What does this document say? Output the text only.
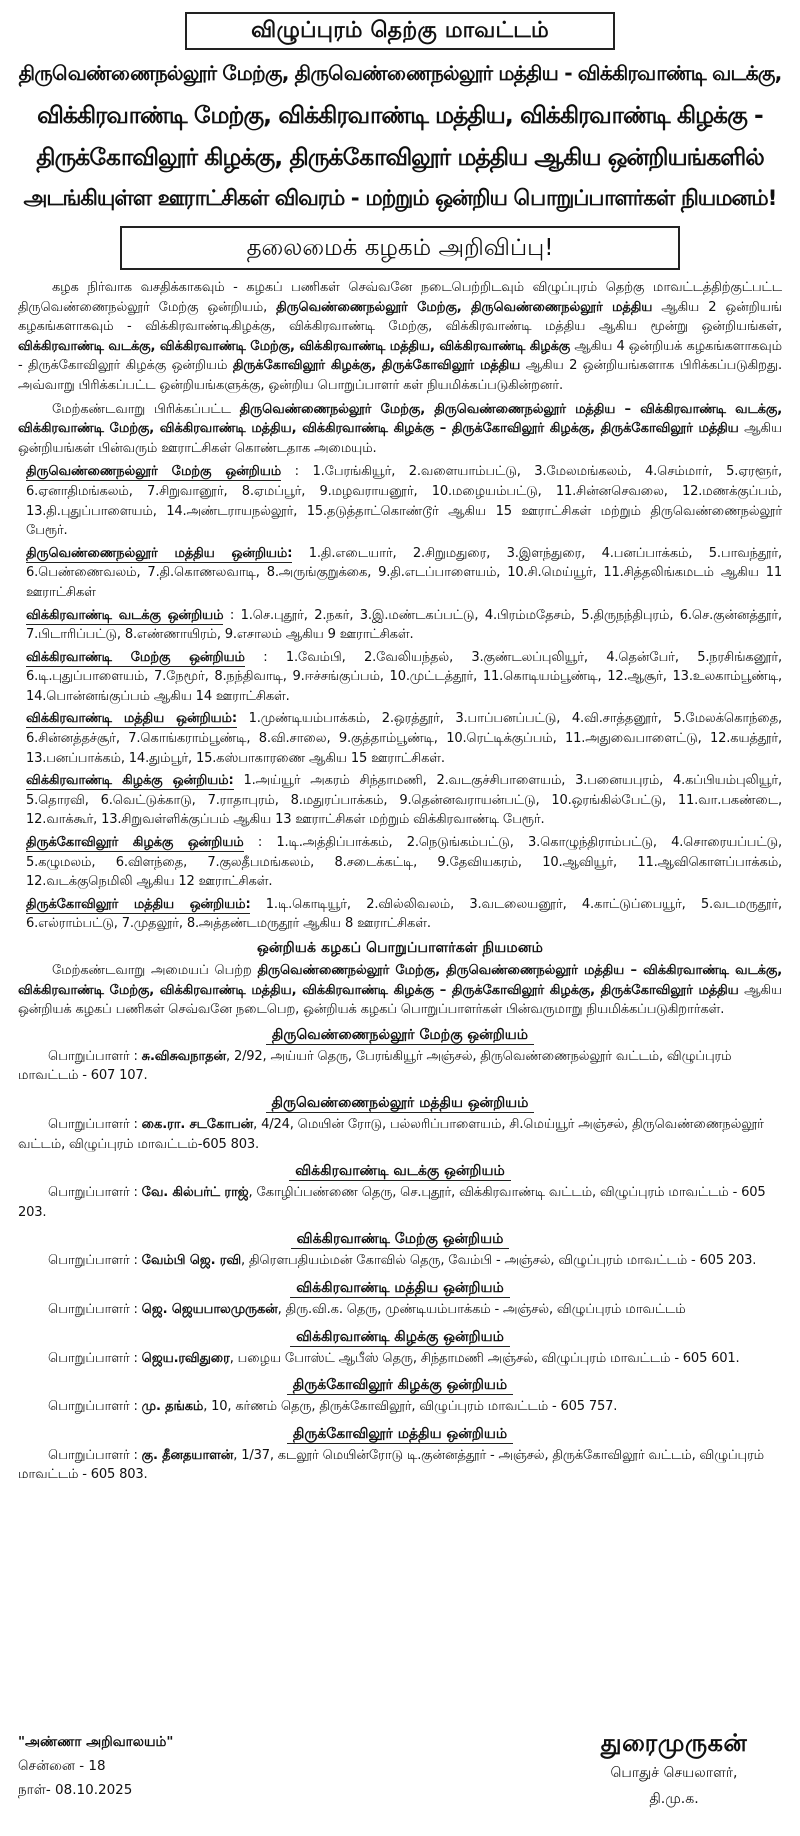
விழுப்புரம் தெற்கு மாவட்டம்
திருவெண்ணைநல்லூர் மேற்கு, திருவெண்ணைநல்லூர் மத்திய - விக்கிரவாண்டி வடக்கு,
விக்கிரவாண்டி மேற்கு, விக்கிரவாண்டி மத்திய, விக்கிரவாண்டி கிழக்கு -
திருக்கோவிலூர் கிழக்கு, திருக்கோவிலூர் மத்திய ஆகிய ஒன்றியங்களில்
அடங்கியுள்ள ஊராட்சிகள் விவரம் - மற்றும் ஒன்றிய பொறுப்பாளர்கள் நியமனம்!
தலைமைக் கழகம் அறிவிப்பு!

கழக நிர்வாக வசதிக்காகவும் - கழகப் பணிகள் செவ்வனே நடைபெற்றிடவும் விழுப்புரம் தெற்கு மாவட்டத்திற்குட்பட்ட திருவெண்ணைநல்லூர் மேற்கு ஒன்றியம், திருவெண்ணைநல்லூர் மேற்கு, திருவெண்ணைநல்லூர் மத்திய ஆகிய 2 ஒன்றியங் கழகங்களாகவும் - விக்கிரவாண்டிகிழக்கு, விக்கிரவாண்டி மேற்கு, விக்கிரவாண்டி மத்திய ஆகிய மூன்று ஒன்றியங்கள், விக்கிரவாண்டி வடக்கு, விக்கிரவாண்டி மேற்கு, விக்கிரவாண்டி மத்திய, விக்கிரவாண்டி கிழக்கு ஆகிய 4 ஒன்றியக் கழகங்களாகவும் - திருக்கோவிலூர் கிழக்கு ஒன்றியம் திருக்கோவிலூர் கிழக்கு, திருக்கோவிலூர் மத்திய ஆகிய 2 ஒன்றியங்களாக பிரிக்கப்படுகிறது. அவ்வாறு பிரிக்கப்பட்ட ஒன்றியங்களுக்கு, ஒன்றிய பொறுப்பாளர் கள் நியமிக்கப்படுகின்றனர்.

மேற்கண்டவாறு பிரிக்கப்பட்ட திருவெண்ணைநல்லூர் மேற்கு, திருவெண்ணைநல்லூர் மத்திய – விக்கிரவாண்டி வடக்கு, விக்கிரவாண்டி மேற்கு, விக்கிரவாண்டி மத்திய, விக்கிரவாண்டி கிழக்கு – திருக்கோவிலூர் கிழக்கு, திருக்கோவிலூர் மத்திய ஆகிய ஒன்றியங்கள் பின்வரும் ஊராட்சிகள் கொண்டதாக அமையும்.

திருவெண்ணைநல்லூர் மேற்கு ஒன்றியம் : 1.பேரங்கியூர், 2.வளையாம்பட்டு, 3.மேலமங்கலம், 4.செம்மார், 5.ஏரளூர், 6.ஏனாதிமங்கலம், 7.சிறுவானூர், 8.ஏமப்பூர், 9.மழவராயனூர், 10.மழையம்பட்டு, 11.சின்னசெவலை, 12.மணக்குப்பம், 13.தி.புதுப்பாளையம், 14.அண்டராயநல்லூர், 15.தடுத்தாட்கொண்டூர் ஆகிய 15 ஊராட்சிகள் மற்றும் திருவெண்ணைநல்லூர் பேரூர்.

திருவெண்ணைநல்லூர் மத்திய ஒன்றியம்: 1.தி.எடையார், 2.சிறுமதுரை, 3.இளந்துரை, 4.பனப்பாக்கம், 5.பாவந்தூர், 6.பெண்ணைவலம், 7.தி.கொணலவாடி, 8.அருங்குறுக்கை, 9.தி.எடப்பாளையம், 10.சி.மெய்யூர், 11.சித்தலிங்கமடம் ஆகிய 11 ஊராட்சிகள்

விக்கிரவாண்டி வடக்கு ஒன்றியம் : 1.செ.புதூர், 2.நகர், 3.இ.மண்டகப்பட்டு, 4.பிரம்மதேசம், 5.திருநந்திபுரம், 6.செ.குன்னத்தூர், 7.பிடாரிப்பட்டு, 8.எண்ணாயிரம், 9.எசாலம் ஆகிய 9 ஊராட்சிகள்.

விக்கிரவாண்டி மேற்கு ஒன்றியம் : 1.வேம்பி, 2.வேலியந்தல், 3.குண்டலப்புலியூர், 4.தென்பேர், 5.நரசிங்கனூர், 6.டி.புதுப்பாளையம், 7.நேமூர், 8.நந்திவாடி, 9.ஈச்சங்குப்பம், 10.முட்டத்தூர், 11.கொடியம்பூண்டி, 12.ஆசூர், 13.உலகாம்பூண்டி, 14.பொன்னங்குப்பம் ஆகிய 14 ஊராட்சிகள்.

விக்கிரவாண்டி மத்திய ஒன்றியம்: 1.முண்டியம்பாக்கம், 2.ஒரத்தூர், 3.பாப்பனப்பட்டு, 4.வி.சாத்தனூர், 5.மேலக்கொந்தை, 6.சின்னத்தச்சூர், 7.கொங்கராம்பூண்டி, 8.வி.சாலை, 9.குத்தாம்பூண்டி, 10.ரெட்டிக்குப்பம், 11.அதுவைபாளைட்டு, 12.கயத்தூர், 13.பனப்பாக்கம், 14.தும்பூர், 15.கஸ்பாகாரணை ஆகிய 15 ஊராட்சிகள்.

விக்கிரவாண்டி கிழக்கு ஒன்றியம்: 1.அய்யூர் அகரம் சிந்தாமணி, 2.வடகுச்சிபாளையம், 3.பனையபுரம், 4.கப்பியம்புலியூர், 5.தொரவி, 6.வெட்டுக்காடு, 7.ராதாபுரம், 8.மதுரப்பாக்கம், 9.தென்னவராயன்பட்டு, 10.ஒரங்கில்பேட்டு, 11.வா.பகண்டை, 12.வாக்கூர், 13.சிறுவள்ளிக்குப்பம் ஆகிய 13 ஊராட்சிகள் மற்றும் விக்கிரவாண்டி பேரூர்.

திருக்கோவிலூர் கிழக்கு ஒன்றியம் : 1.டி.அத்திப்பாக்கம், 2.நெடுங்கம்பட்டு, 3.கொழுந்திராம்பட்டு, 4.சொரையப்பட்டு, 5.கழுமலம், 6.விளந்தை, 7.குலதீபமங்கலம், 8.சடைக்கட்டி, 9.தேவியகரம், 10.ஆவியூர், 11.ஆவிகொளப்பாக்கம், 12.வடக்குநெமிலி ஆகிய 12 ஊராட்சிகள்.

திருக்கோவிலூர் மத்திய ஒன்றியம்: 1.டி.கொடியூர், 2.வில்லிவலம், 3.வடலையனூர், 4.காட்டுப்பையூர், 5.வடமருதூர், 6.எல்ராம்பட்டு, 7.முதலூர், 8.அத்தண்டமருதூர் ஆகிய 8 ஊராட்சிகள்.

ஒன்றியக் கழகப் பொறுப்பாளர்கள் நியமனம்

மேற்கண்டவாறு அமையப் பெற்ற திருவெண்ணைநல்லூர் மேற்கு, திருவெண்ணைநல்லூர் மத்திய – விக்கிரவாண்டி வடக்கு, விக்கிரவாண்டி மேற்கு, விக்கிரவாண்டி மத்திய, விக்கிரவாண்டி கிழக்கு – திருக்கோவிலூர் கிழக்கு, திருக்கோவிலூர் மத்திய ஆகிய ஒன்றியக் கழகப் பணிகள் செவ்வனே நடைபெற, ஒன்றியக் கழகப் பொறுப்பாளர்கள் பின்வருமாறு நியமிக்கப்படுகிறார்கள்.

திருவெண்ணைநல்லூர் மேற்கு ஒன்றியம்

பொறுப்பாளர் : சு.விசுவநாதன், 2/92, அய்யர் தெரு, பேரங்கியூர் அஞ்சல், திருவெண்ணைநல்லூர் வட்டம், விழுப்புரம் மாவட்டம் - 607 107.

திருவெண்ணைநல்லூர் மத்திய ஒன்றியம்

பொறுப்பாளர் : கை.ரா. சடகோபன், 4/24, மெயின் ரோடு, பல்லரிப்பாளையம், சி.மெய்யூர் அஞ்சல், திருவெண்ணைநல்லூர் வட்டம், விழுப்புரம் மாவட்டம்-605 803.

விக்கிரவாண்டி வடக்கு ஒன்றியம்

பொறுப்பாளர் : வே. கில்பர்ட் ராஜ், கோழிப்பண்ணை தெரு, செ.புதூர், விக்கிரவாண்டி வட்டம், விழுப்புரம் மாவட்டம் - 605 203.

விக்கிரவாண்டி மேற்கு ஒன்றியம்

பொறுப்பாளர் : வேம்பி ஜெ. ரவி, திரௌபதியம்மன் கோவில் தெரு, வேம்பி - அஞ்சல், விழுப்புரம் மாவட்டம் - 605 203.

விக்கிரவாண்டி மத்திய ஒன்றியம்

பொறுப்பாளர் : ஜெ. ஜெயபாலமுருகன், திரு.வி.க. தெரு, முண்டியம்பாக்கம் - அஞ்சல், விழுப்புரம் மாவட்டம்

விக்கிரவாண்டி கிழக்கு ஒன்றியம்

பொறுப்பாளர் : ஜெய.ரவிதுரை, பழைய போஸ்ட் ஆபீஸ் தெரு, சிந்தாமணி அஞ்சல், விழுப்புரம் மாவட்டம் - 605 601.

திருக்கோவிலூர் கிழக்கு ஒன்றியம்

பொறுப்பாளர் : மு. தங்கம், 10, கர்ணம் தெரு, திருக்கோவிலூர், விழுப்புரம் மாவட்டம் - 605 757.

திருக்கோவிலூர் மத்திய ஒன்றியம்

பொறுப்பாளர் : கு. தீனதயாளன், 1/37, கடலூர் மெயின்ரோடு டி.குன்னத்தூர் - அஞ்சல், திருக்கோவிலூர் வட்டம், விழுப்புரம் மாவட்டம் - 605 803.

"அண்ணா அறிவாலயம்"
சென்னை - 18
நாள்- 08.10.2025
துரைமுருகன்
பொதுச் செயலாளர்,
தி.மு.க.
